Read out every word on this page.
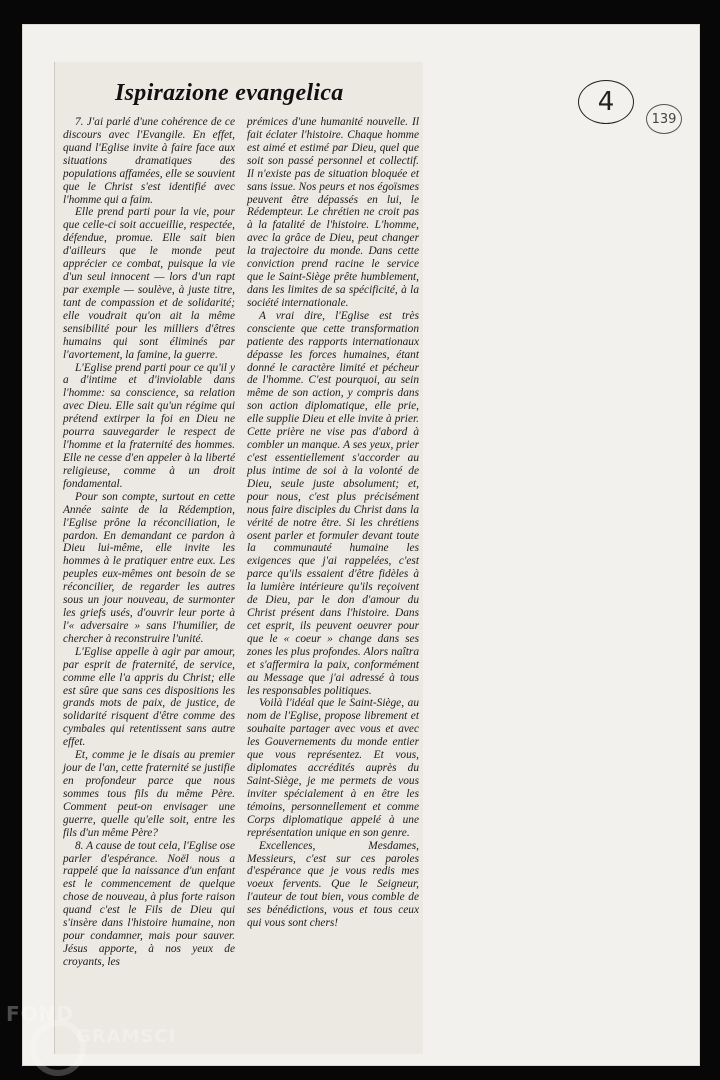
Ispirazione evangelica

7. J'ai parlé d'une cohérence de ce discours avec l'Evangile. En effet, quand l'Eglise invite à faire face aux situations dramatiques des populations affamées, elle se souvient que le Christ s'est identifié avec l'homme qui a faim.

Elle prend parti pour la vie, pour que celle-ci soit accueillie, respectée, défendue, promue. Elle sait bien d'ailleurs que le monde peut apprécier ce combat, puisque la vie d'un seul innocent — lors d'un rapt par exemple — soulève, à juste titre, tant de compassion et de solidarité; elle voudrait qu'on ait la même sensibilité pour les milliers d'êtres humains qui sont éliminés par l'avortement, la famine, la guerre.

L'Eglise prend parti pour ce qu'il y a d'intime et d'inviolable dans l'homme: sa conscience, sa relation avec Dieu. Elle sait qu'un régime qui prétend extirper la foi en Dieu ne pourra sauvegarder le respect de l'homme et la fraternité des hommes. Elle ne cesse d'en appeler à la liberté religieuse, comme à un droit fondamental.

Pour son compte, surtout en cette Année sainte de la Rédemption, l'Eglise prône la réconciliation, le pardon. En demandant ce pardon à Dieu lui-même, elle invite les hommes à le pratiquer entre eux. Les peuples eux-mêmes ont besoin de se réconcilier, de regarder les autres sous un jour nouveau, de surmonter les griefs usés, d'ouvrir leur porte à l'« adversaire » sans l'humilier, de chercher à reconstruire l'unité.

L'Eglise appelle à agir par amour, par esprit de fraternité, de service, comme elle l'a appris du Christ; elle est sûre que sans ces dispositions les grands mots de paix, de justice, de solidarité risquent d'être comme des cymbales qui retentissent sans autre effet.

Et, comme je le disais au premier jour de l'an, cette fraternité se justifie en profondeur parce que nous sommes tous fils du même Père. Comment peut-on envisager une guerre, quelle qu'elle soit, entre les fils d'un même Père?

8. A cause de tout cela, l'Eglise ose parler d'espérance. Noël nous a rappelé que la naissance d'un enfant est le commencement de quelque chose de nouveau, à plus forte raison quand c'est le Fils de Dieu qui s'insère dans l'histoire humaine, non pour condamner, mais pour sauver. Jésus apporte, à nos yeux de croyants, les

prémices d'une humanité nouvelle. Il fait éclater l'histoire. Chaque homme est aimé et estimé par Dieu, quel que soit son passé personnel et collectif. Il n'existe pas de situation bloquée et sans issue. Nos peurs et nos égoïsmes peuvent être dépassés en lui, le Rédempteur. Le chrétien ne croit pas à la fatalité de l'histoire. L'homme, avec la grâce de Dieu, peut changer la trajectoire du monde. Dans cette conviction prend racine le service que le Saint-Siège prête humblement, dans les limites de sa spécificité, à la société internationale.

A vrai dire, l'Eglise est très consciente que cette transformation patiente des rapports internationaux dépasse les forces humaines, étant donné le caractère limité et pécheur de l'homme. C'est pourquoi, au sein même de son action, y compris dans son action diplomatique, elle prie, elle supplie Dieu et elle invite à prier. Cette prière ne vise pas d'abord à combler un manque. A ses yeux, prier c'est essentiellement s'accorder au plus intime de soi à la volonté de Dieu, seule juste absolument; et, pour nous, c'est plus précisément nous faire disciples du Christ dans la vérité de notre être. Si les chrétiens osent parler et formuler devant toute la communauté humaine les exigences que j'ai rappelées, c'est parce qu'ils essaient d'être fidèles à la lumière intérieure qu'ils reçoivent de Dieu, par le don d'amour du Christ présent dans l'histoire. Dans cet esprit, ils peuvent oeuvrer pour que le « coeur » change dans ses zones les plus profondes. Alors naîtra et s'affermira la paix, conformément au Message que j'ai adressé à tous les responsables politiques.

Voilà l'idéal que le Saint-Siège, au nom de l'Eglise, propose librement et souhaite partager avec vous et avec les Gouvernements du monde entier que vous représentez. Et vous, diplomates accrédités auprès du Saint-Siège, je me permets de vous inviter spécialement à en être les témoins, personnellement et comme Corps diplomatique appelé à une représentation unique en son genre.

Excellences, Mesdames, Messieurs, c'est sur ces paroles d'espérance que je vous redis mes voeux fervents. Que le Seigneur, l'auteur de tout bien, vous comble de ses bénédictions, vous et tous ceux qui vous sont chers!

4
139
FOND
GRAMSCI
